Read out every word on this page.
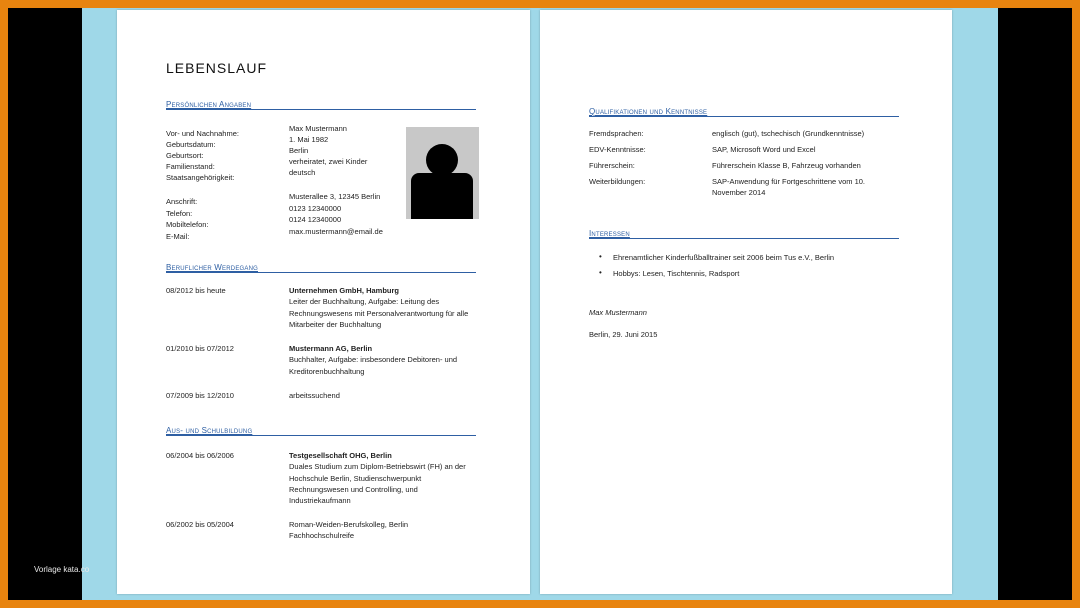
LEBENSLAUF
Persönlichen Angaben
Vor- und Nachnahme:
Max Mustermann
Geburtsdatum:
1. Mai 1982
Geburtsort:
Berlin
Familienstand:
verheiratet, zwei Kinder
Staatsangehörigkeit:
deutsch
Anschrift:
Musterallee 3, 12345 Berlin
Telefon:
0123 12340000
Mobiltelefon:
0124 12340000
E-Mail:
max.mustermann@email.de
Beruflicher Werdegang
08/2012 bis heute	Unternehmen GmbH, Hamburg
Leiter der Buchhaltung, Aufgabe: Leitung des Rechnungswesens mit Personalverantwortung für alle Mitarbeiter der Buchhaltung
01/2010 bis 07/2012	Mustermann AG, Berlin
Buchhalter, Aufgabe: insbesondere Debitoren- und Kreditorenbuchhaltung
07/2009 bis 12/2010	arbeitssuchend
Aus- und Schulbildung
06/2004 bis 06/2006	Testgesellschaft OHG, Berlin
Duales Studium zum Diplom-Betriebswirt (FH) an der Hochschule Berlin, Studienschwerpunkt Rechnungswesen und Controlling, und Industriekaufmann
06/2002 bis 05/2004	Roman-Weiden-Berufskolleg, Berlin Fachhochschulreife
Qualifikationen und Kenntnisse
Fremdsprachen:	englisch (gut), tschechisch (Grundkenntnisse)
EDV-Kenntnisse:	SAP, Microsoft Word und Excel
Führerschein:	Führerschein Klasse B, Fahrzeug vorhanden
Weiterbildungen:	SAP-Anwendung für Fortgeschrittene vom 10. November 2014
Interessen
• Ehrenamtlicher Kinderfußballtrainer seit 2006 beim Tus e.V., Berlin
• Hobbys: Lesen, Tischtennis, Radsport
Max Mustermann
Berlin, 29. Juni 2015
Vorlage kata.co
